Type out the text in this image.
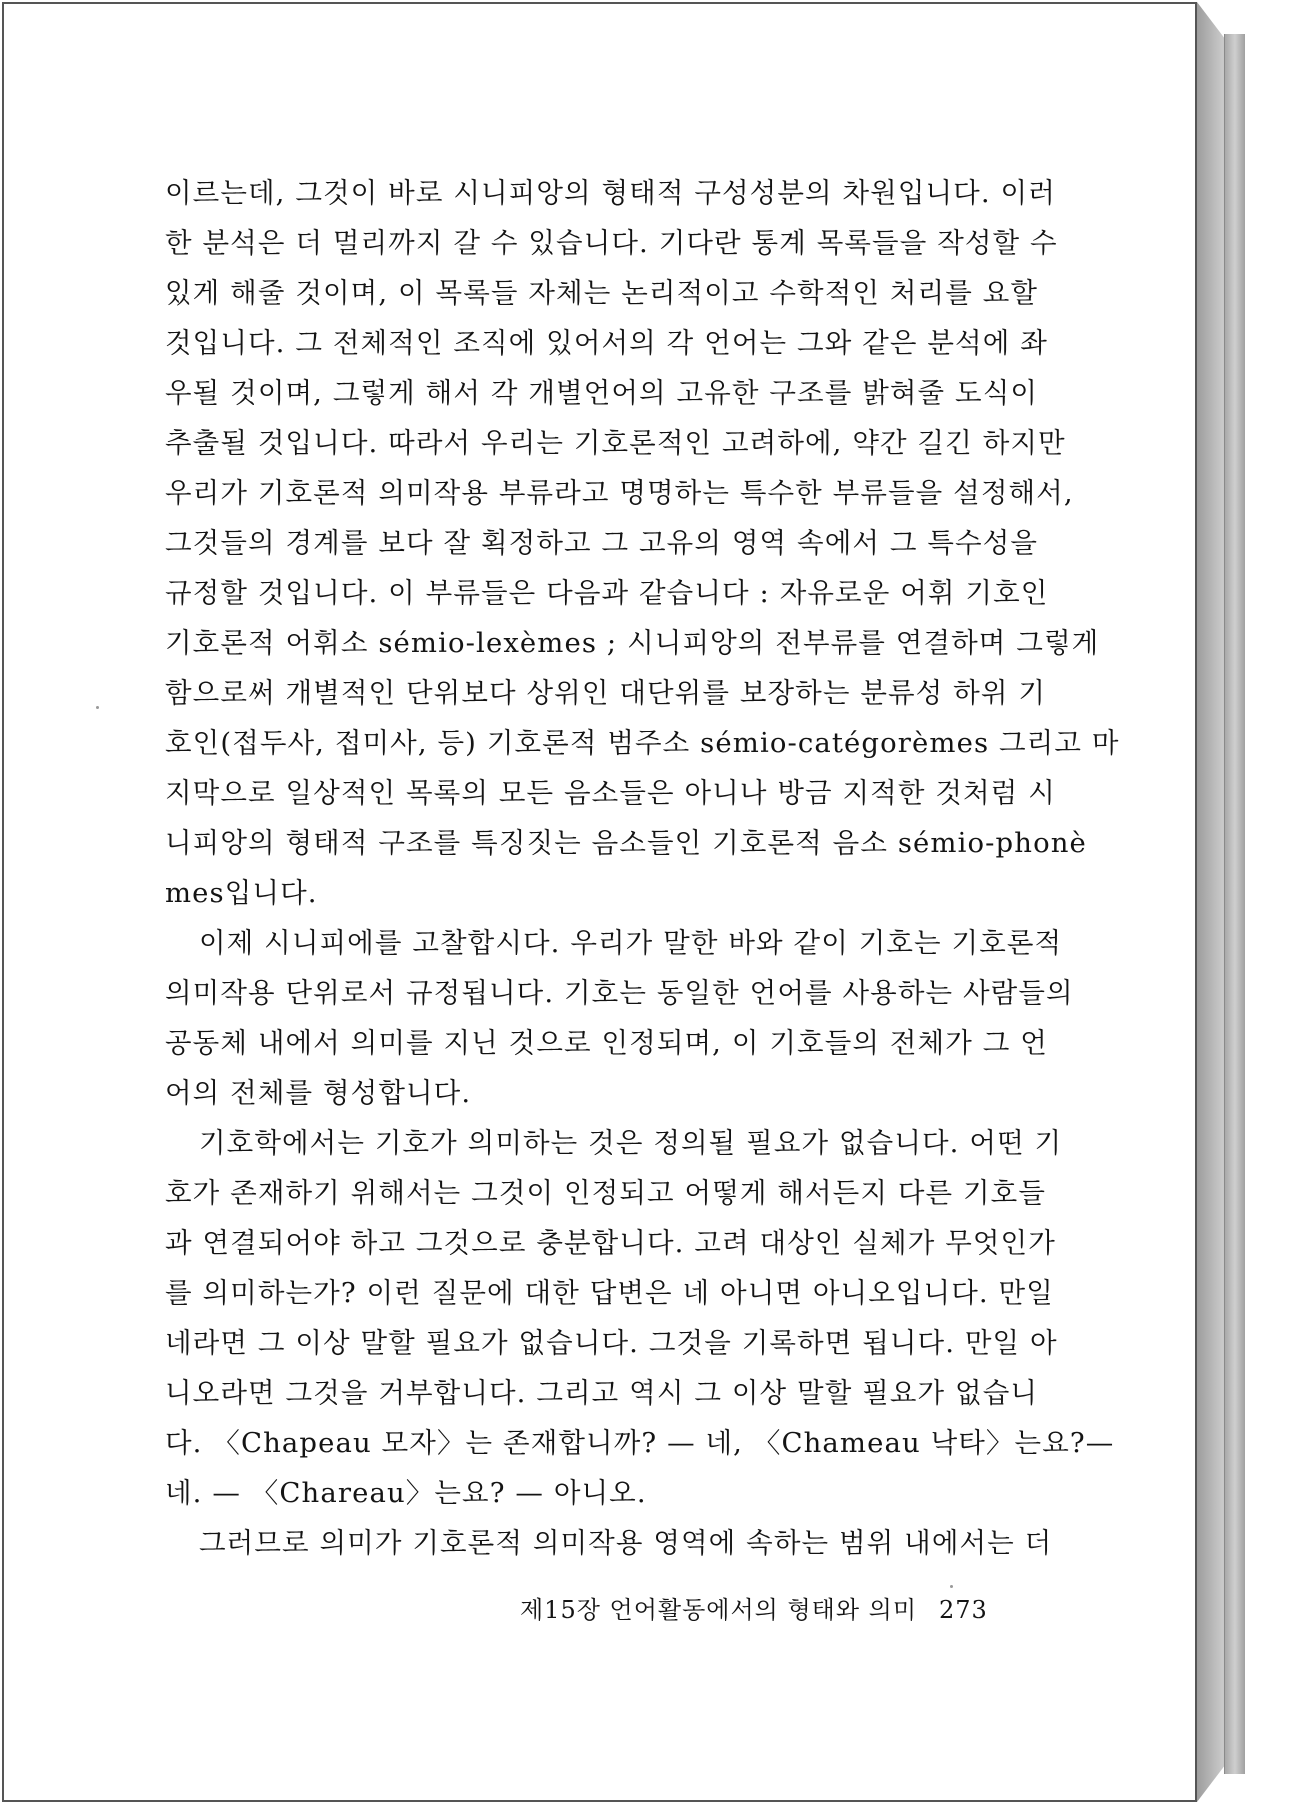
이르는데, 그것이 바로 시니피앙의 형태적 구성성분의 차원입니다. 이러
한 분석은 더 멀리까지 갈 수 있습니다. 기다란 통계 목록들을 작성할 수
있게 해줄 것이며, 이 목록들 자체는 논리적이고 수학적인 처리를 요할
것입니다. 그 전체적인 조직에 있어서의 각 언어는 그와 같은 분석에 좌
우될 것이며, 그렇게 해서 각 개별언어의 고유한 구조를 밝혀줄 도식이
추출될 것입니다. 따라서 우리는 기호론적인 고려하에, 약간 길긴 하지만
우리가 기호론적 의미작용 부류라고 명명하는 특수한 부류들을 설정해서,
그것들의 경계를 보다 잘 획정하고 그 고유의 영역 속에서 그 특수성을
규정할 것입니다. 이 부류들은 다음과 같습니다 : 자유로운 어휘 기호인
기호론적 어휘소 sémio-lexèmes ; 시니피앙의 전부류를 연결하며 그렇게
함으로써 개별적인 단위보다 상위인 대단위를 보장하는 분류성 하위 기
호인(접두사, 접미사, 등) 기호론적 범주소 sémio-catégorèmes 그리고 마
지막으로 일상적인 목록의 모든 음소들은 아니나 방금 지적한 것처럼 시
니피앙의 형태적 구조를 특징짓는 음소들인 기호론적 음소 sémio-phonè
mes입니다.
이제 시니피에를 고찰합시다. 우리가 말한 바와 같이 기호는 기호론적
의미작용 단위로서 규정됩니다. 기호는 동일한 언어를 사용하는 사람들의
공동체 내에서 의미를 지닌 것으로 인정되며, 이 기호들의 전체가 그 언
어의 전체를 형성합니다.
기호학에서는 기호가 의미하는 것은 정의될 필요가 없습니다. 어떤 기
호가 존재하기 위해서는 그것이 인정되고 어떻게 해서든지 다른 기호들
과 연결되어야 하고 그것으로 충분합니다. 고려 대상인 실체가 무엇인가
를 의미하는가? 이런 질문에 대한 답변은 네 아니면 아니오입니다. 만일
네라면 그 이상 말할 필요가 없습니다. 그것을 기록하면 됩니다. 만일 아
니오라면 그것을 거부합니다. 그리고 역시 그 이상 말할 필요가 없습니
다. 〈Chapeau 모자〉는 존재합니까? — 네, 〈Chameau 낙타〉는요?—
네. — 〈Chareau〉는요? — 아니오.
그러므로 의미가 기호론적 의미작용 영역에 속하는 범위 내에서는 더
제15장 언어활동에서의 형태와 의미 273
